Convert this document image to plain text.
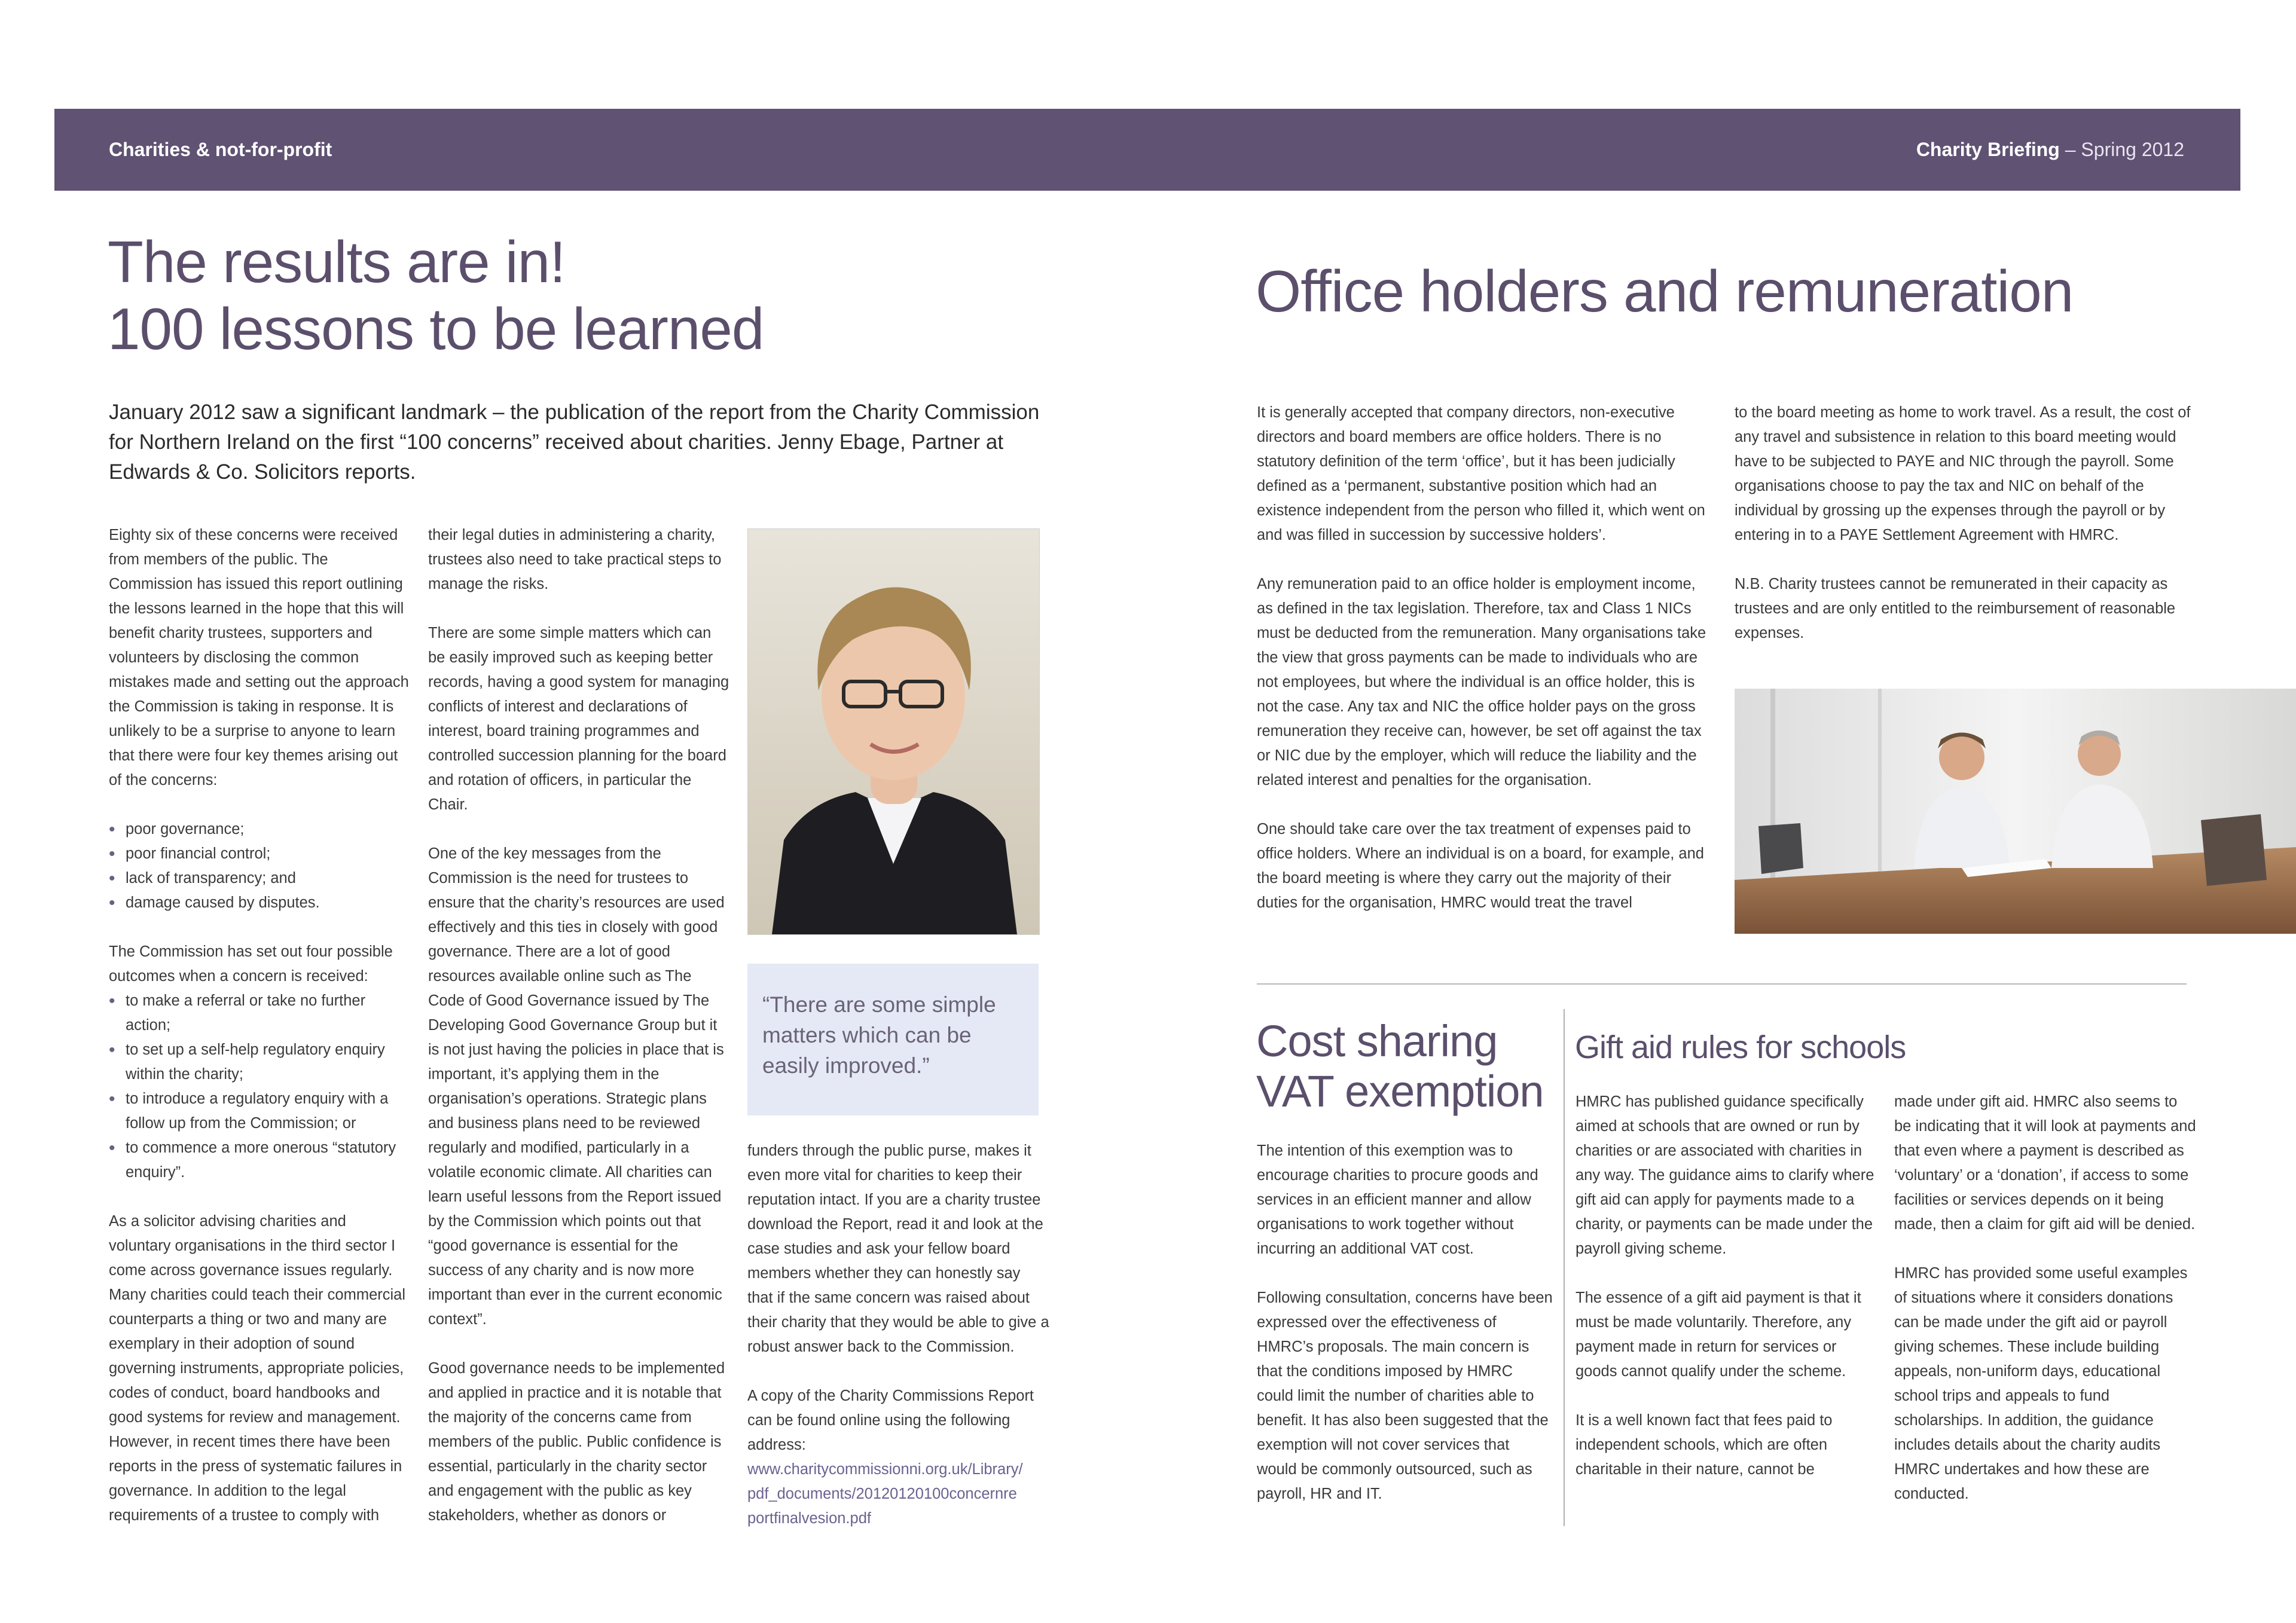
Charities & not-for-profit	Charity Briefing – Spring 2012
The results are in!
100 lessons to be learned
January 2012 saw a significant landmark – the publication of the report from the Charity Commission for Northern Ireland on the first “100 concerns” received about charities. Jenny Ebage, Partner at Edwards & Co. Solicitors reports.

Eighty six of these concerns were received from members of the public. The Commission has issued this report outlining the lessons learned in the hope that this will benefit charity trustees, supporters and volunteers by disclosing the common mistakes made and setting out the approach the Commission is taking in response. It is unlikely to be a surprise to anyone to learn that there were four key themes arising out of the concerns:

• poor governance;
• poor financial control;
• lack of transparency; and
• damage caused by disputes.

The Commission has set out four possible outcomes when a concern is received:

• to make a referral or take no further action;
• to set up a self-help regulatory enquiry within the charity;
• to introduce a regulatory enquiry with a follow up from the Commission; or
• to commence a more onerous “statutory enquiry”.

As a solicitor advising charities and voluntary organisations in the third sector I come across governance issues regularly. Many charities could teach their commercial counterparts a thing or two and many are exemplary in their adoption of sound governing instruments, appropriate policies, codes of conduct, board handbooks and good systems for review and management. However, in recent times there have been reports in the press of systematic failures in governance. In addition to the legal requirements of a trustee to comply with

their legal duties in administering a charity, trustees also need to take practical steps to manage the risks.

There are some simple matters which can be easily improved such as keeping better records, having a good system for managing conflicts of interest and declarations of interest, board training programmes and controlled succession planning for the board and rotation of officers, in particular the Chair.

One of the key messages from the Commission is the need for trustees to ensure that the charity’s resources are used effectively and this ties in closely with good governance. There are a lot of good resources available online such as The Code of Good Governance issued by The Developing Good Governance Group but it is not just having the policies in place that is important, it’s applying them in the organisation’s operations. Strategic plans and business plans need to be reviewed regularly and modified, particularly in a volatile economic climate. All charities can learn useful lessons from the Report issued by the Commission which points out that “good governance is essential for the success of any charity and is now more important than ever in the current economic context”.

Good governance needs to be implemented and applied in practice and it is notable that the majority of the concerns came from members of the public. Public confidence is essential, particularly in the charity sector and engagement with the public as key stakeholders, whether as donors or

“There are some simple matters which can be easily improved.”

funders through the public purse, makes it even more vital for charities to keep their reputation intact. If you are a charity trustee download the Report, read it and look at the case studies and ask your fellow board members whether they can honestly say that if the same concern was raised about their charity that they would be able to give a robust answer back to the Commission.

A copy of the Charity Commissions Report can be found online using the following address:

www.charitycommissionni.org.uk/Library/
pdf_documents/20120120100concernre
portfinalvesion.pdf
Office holders and remuneration

It is generally accepted that company directors, non-executive directors and board members are office holders. There is no statutory definition of the term ‘office’, but it has been judicially defined as a ‘permanent, substantive position which had an existence independent from the person who filled it, which went on and was filled in succession by successive holders’.

Any remuneration paid to an office holder is employment income, as defined in the tax legislation. Therefore, tax and Class 1 NICs must be deducted from the remuneration. Many organisations take the view that gross payments can be made to individuals who are not employees, but where the individual is an office holder, this is not the case. Any tax and NIC the office holder pays on the gross remuneration they receive can, however, be set off against the tax or NIC due by the employer, which will reduce the liability and the related interest and penalties for the organisation.

One should take care over the tax treatment of expenses paid to office holders. Where an individual is on a board, for example, and the board meeting is where they carry out the majority of their duties for the organisation, HMRC would treat the travel

to the board meeting as home to work travel. As a result, the cost of any travel and subsistence in relation to this board meeting would have to be subjected to PAYE and NIC through the payroll. Some organisations choose to pay the tax and NIC on behalf of the individual by grossing up the expenses through the payroll or by entering in to a PAYE Settlement Agreement with HMRC.

N.B. Charity trustees cannot be remunerated in their capacity as trustees and are only entitled to the reimbursement of reasonable expenses.

Cost sharing
VAT exemption

The intention of this exemption was to encourage charities to procure goods and services in an efficient manner and allow organisations to work together without incurring an additional VAT cost.

Following consultation, concerns have been expressed over the effectiveness of HMRC’s proposals. The main concern is that the conditions imposed by HMRC could limit the number of charities able to benefit. It has also been suggested that the exemption will not cover services that would be commonly outsourced, such as payroll, HR and IT.

Gift aid rules for schools

HMRC has published guidance specifically aimed at schools that are owned or run by charities or are associated with charities in any way. The guidance aims to clarify where gift aid can apply for payments made to a charity, or payments can be made under the payroll giving scheme.

The essence of a gift aid payment is that it must be made voluntarily. Therefore, any payment made in return for services or goods cannot qualify under the scheme.

It is a well known fact that fees paid to independent schools, which are often charitable in their nature, cannot be

made under gift aid. HMRC also seems to be indicating that it will look at payments and that even where a payment is described as ‘voluntary’ or a ‘donation’, if access to some facilities or services depends on it being made, then a claim for gift aid will be denied.

HMRC has provided some useful examples of situations where it considers donations can be made under the gift aid or payroll giving schemes. These include building appeals, non-uniform days, educational school trips and appeals to fund scholarships. In addition, the guidance includes details about the charity audits HMRC undertakes and how these are conducted.
